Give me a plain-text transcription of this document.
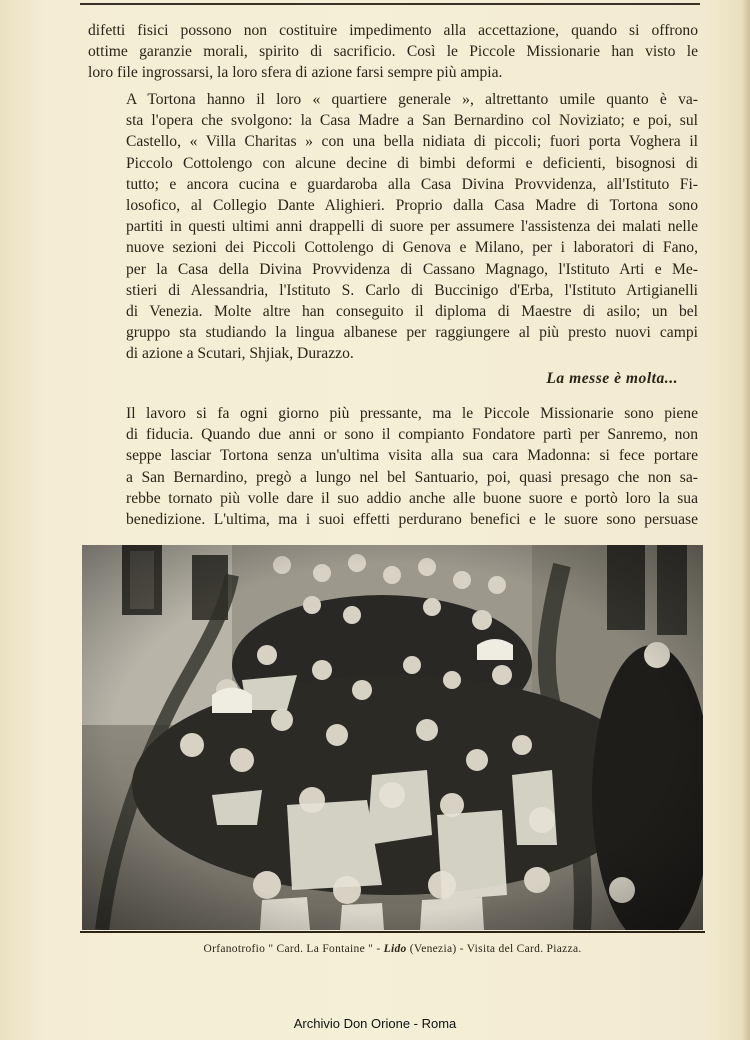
difetti fisici possono non costituire impedimento alla accettazione, quando si offrono
ottime garanzie morali, spirito di sacrificio. Così le Piccole Missionarie han visto le
loro file ingrossarsi, la loro sfera di azione farsi sempre più ampia.
A Tortona hanno il loro « quartiere generale », altrettanto umile quanto è va-
sta l'opera che svolgono: la Casa Madre a San Bernardino col Noviziato; e poi, sul
Castello, « Villa Charitas » con una bella nidiata di piccoli; fuori porta Voghera il
Piccolo Cottolengo con alcune decine di bimbi deformi e deficienti, bisognosi di
tutto; e ancora cucina e guardaroba alla Casa Divina Provvidenza, all'Istituto Fi-
losofico, al Collegio Dante Alighieri. Proprio dalla Casa Madre di Tortona sono
partiti in questi ultimi anni drappelli di suore per assumere l'assistenza dei malati nelle
nuove sezioni dei Piccoli Cottolengo di Genova e Milano, per i laboratori di Fano,
per la Casa della Divina Provvidenza di Cassano Magnago, l'Istituto Arti e Me-
stieri di Alessandria, l'Istituto S. Carlo di Buccinigo d'Erba, l'Istituto Artigianelli
di Venezia. Molte altre han conseguito il diploma di Maestre di asilo; un bel
gruppo sta studiando la lingua albanese per raggiungere al più presto nuovi campi
di azione a Scutari, Shjiak, Durazzo.
La messe è molta...
Il lavoro si fa ogni giorno più pressante, ma le Piccole Missionarie sono piene
di fiducia. Quando due anni or sono il compianto Fondatore partì per Sanremo, non
seppe lasciar Tortona senza un'ultima visita alla sua cara Madonna: si fece portare
a San Bernardino, pregò a lungo nel bel Santuario, poi, quasi presago che non sa-
rebbe tornato più volle dare il suo addio anche alle buone suore e portò loro la sua
benedizione. L'ultima, ma i suoi effetti perdurano benefici e le suore sono persuase
Orfanotrofio " Card. La Fontaine " - Lido (Venezia) - Visita del Card. Piazza.
Archivio Don Orione - Roma
